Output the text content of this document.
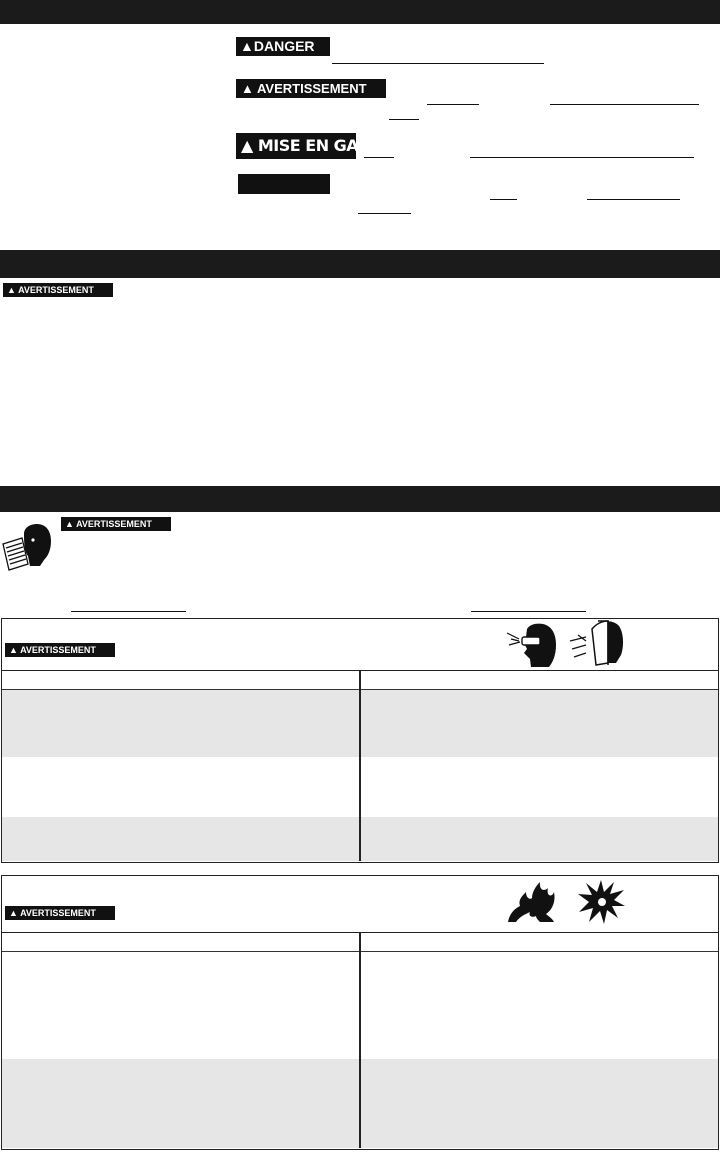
▲DANGER
▲ AVERTISSEMENT
▲ MISE EN GARDE
▲ AVERTISSEMENT
▲ AVERTISSEMENT
▲ AVERTISSEMENT
▲ AVERTISSEMENT
